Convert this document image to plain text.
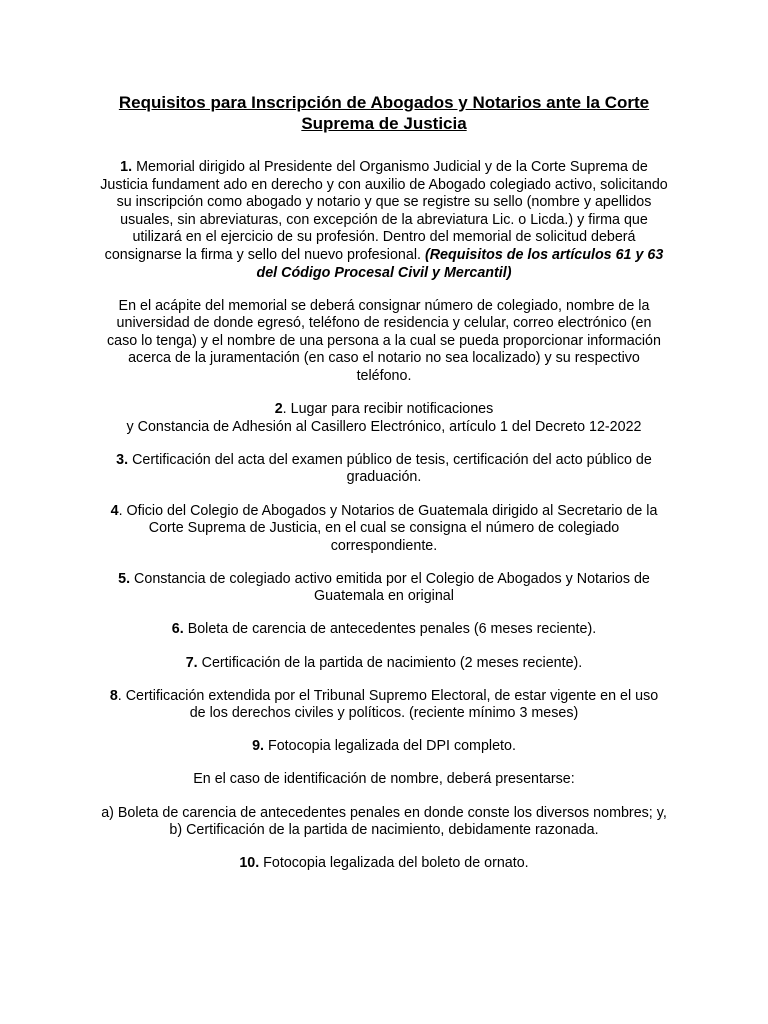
Requisitos para Inscripción de Abogados y Notarios ante la Corte Suprema de Justicia
1. Memorial dirigido al Presidente del Organismo Judicial y de la Corte Suprema de Justicia fundament ado en derecho y con auxilio de Abogado colegiado activo, solicitando su inscripción como abogado y notario y que se registre su sello (nombre y apellidos usuales, sin abreviaturas, con excepción de la abreviatura Lic. o Licda.) y firma que utilizará en el ejercicio de su profesión. Dentro del memorial de solicitud deberá consignarse la firma y sello del nuevo profesional. (Requisitos de los artículos 61 y 63 del Código Procesal Civil y Mercantil)
En el acápite del memorial se deberá consignar número de colegiado, nombre de la universidad de donde egresó, teléfono de residencia y celular, correo electrónico (en caso lo tenga) y el nombre de una persona a la cual se pueda proporcionar información acerca de la juramentación (en caso el notario no sea localizado) y su respectivo teléfono.
2. Lugar para recibir notificaciones
y Constancia de Adhesión al Casillero Electrónico, artículo 1 del Decreto 12-2022
3. Certificación del acta del examen público de tesis, certificación del acto público de graduación.
4. Oficio del Colegio de Abogados y Notarios de Guatemala dirigido al Secretario de la Corte Suprema de Justicia, en el cual se consigna el número de colegiado correspondiente.
5. Constancia de colegiado activo emitida por el Colegio de Abogados y Notarios de Guatemala en original
6. Boleta de carencia de antecedentes penales (6 meses reciente).
7. Certificación de la partida de nacimiento (2 meses reciente).
8. Certificación extendida por el Tribunal Supremo Electoral, de estar vigente en el uso de los derechos civiles y políticos. (reciente mínimo 3 meses)
9. Fotocopia legalizada del DPI completo.
En el caso de identificación de nombre, deberá presentarse:
a) Boleta de carencia de antecedentes penales en donde conste los diversos nombres; y,
b) Certificación de la partida de nacimiento, debidamente razonada.
10. Fotocopia legalizada del boleto de ornato.
